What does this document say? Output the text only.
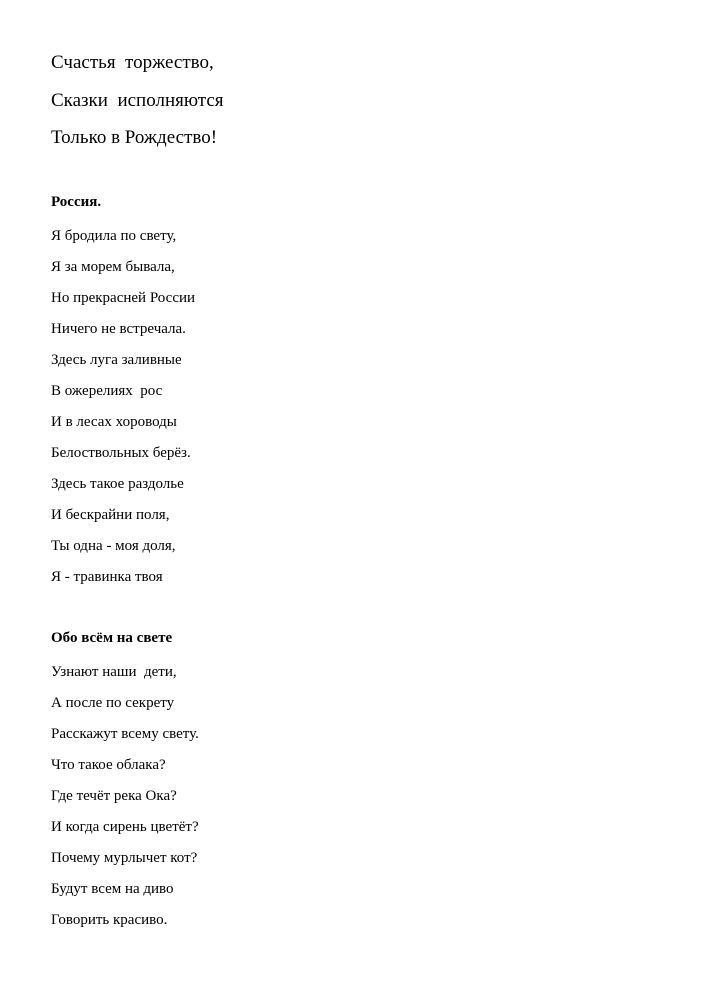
Счастья  торжество,
Сказки  исполняются
Только в Рождество!
Россия.
Я бродила по свету,
Я за морем бывала,
Но прекрасней России
Ничего не встречала.
Здесь луга заливные
В ожерелиях  рос
И в лесах хороводы
Белоствольных берёз.
Здесь такое раздолье
И бескрайни поля,
Ты одна - моя доля,
Я - травинка твоя
Обо всём на свете
Узнают наши  дети,
А после по секрету
Расскажут всему свету.
Что такое облака?
Где течёт река Ока?
И когда сирень цветёт?
Почему мурлычет кот?
Будут всем на диво
Говорить красиво.
